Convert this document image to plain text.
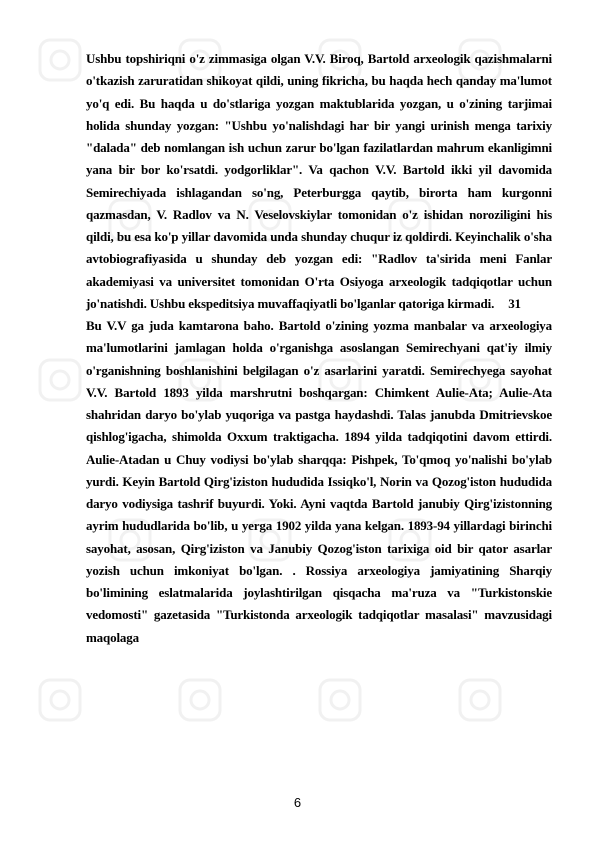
Ushbu topshiriqni o'z zimmasiga olgan V.V. Biroq, Bartold arxeologik qazishmalarni o'tkazish zaruratidan shikoyat qildi, uning fikricha, bu haqda hech qanday ma'lumot yo'q edi. Bu haqda u do'stlariga yozgan maktublarida yozgan, u o'zining tarjimai holida shunday yozgan: "Ushbu yo'nalishdagi har bir yangi urinish menga tarixiy "dalada" deb nomlangan ish uchun zarur bo'lgan fazilatlardan mahrum ekanligimni yana bir bor ko'rsatdi. yodgorliklar". Va qachon V.V. Bartold ikki yil davomida Semirechiyada ishlagandan so'ng, Peterburgga qaytib, birorta ham kurgonni qazmasdan, V. Radlov va N. Veselovskiylar tomonidan o'z ishidan noroziligini his qildi, bu esa ko'p yillar davomida unda shunday chuqur iz qoldirdi. Keyinchalik o'sha avtobiografiyasida u shunday deb yozgan edi: "Radlov ta'sirida meni Fanlar akademiyasi va universitet tomonidan O'rta Osiyoga arxeologik tadqiqotlar uchun jo'natishdi. Ushbu ekspeditsiya muvaffaqiyatli bo'lganlar qatoriga kirmadi. 31

Bu V.V ga juda kamtarona baho. Bartold o'zining yozma manbalar va arxeologiya ma'lumotlarini jamlagan holda o'rganishga asoslangan Semirechyani qat'iy ilmiy o'rganishning boshlanishini belgilagan o'z asarlarini yaratdi. Semirechyega sayohat V.V. Bartold 1893 yilda marshrutni boshqargan: Chimkent Aulie-Ata; Aulie-Ata shahridan daryo bo'ylab yuqoriga va pastga haydashdi. Talas janubda Dmitrievskoe qishlog'igacha, shimolda Oxxum traktigacha. 1894 yilda tadqiqotini davom ettirdi. Aulie-Atadan u Chuy vodiysi bo'ylab sharqqa: Pishpek, To'qmoq yo'nalishi bo'ylab yurdi. Keyin Bartold Qirg'iziston hududida Issiqko'l, Norin va Qozog'iston hududida daryo vodiysiga tashrif buyurdi. Yoki. Ayni vaqtda Bartold janubiy Qirg'izistonning ayrim hududlarida bo'lib, u yerga 1902 yilda yana kelgan. 1893-94 yillardagi birinchi sayohat, asosan, Qirg'iziston va Janubiy Qozog'iston tarixiga oid bir qator asarlar yozish uchun imkoniyat bo'lgan. . Rossiya arxeologiya jamiyatining Sharqiy bo'limining eslatmalarida joylashtirilgan qisqacha ma'ruza va "Turkistonskie vedomosti" gazetasida "Turkistonda arxeologik tadqiqotlar masalasi" mavzusidagi maqolaga

6
